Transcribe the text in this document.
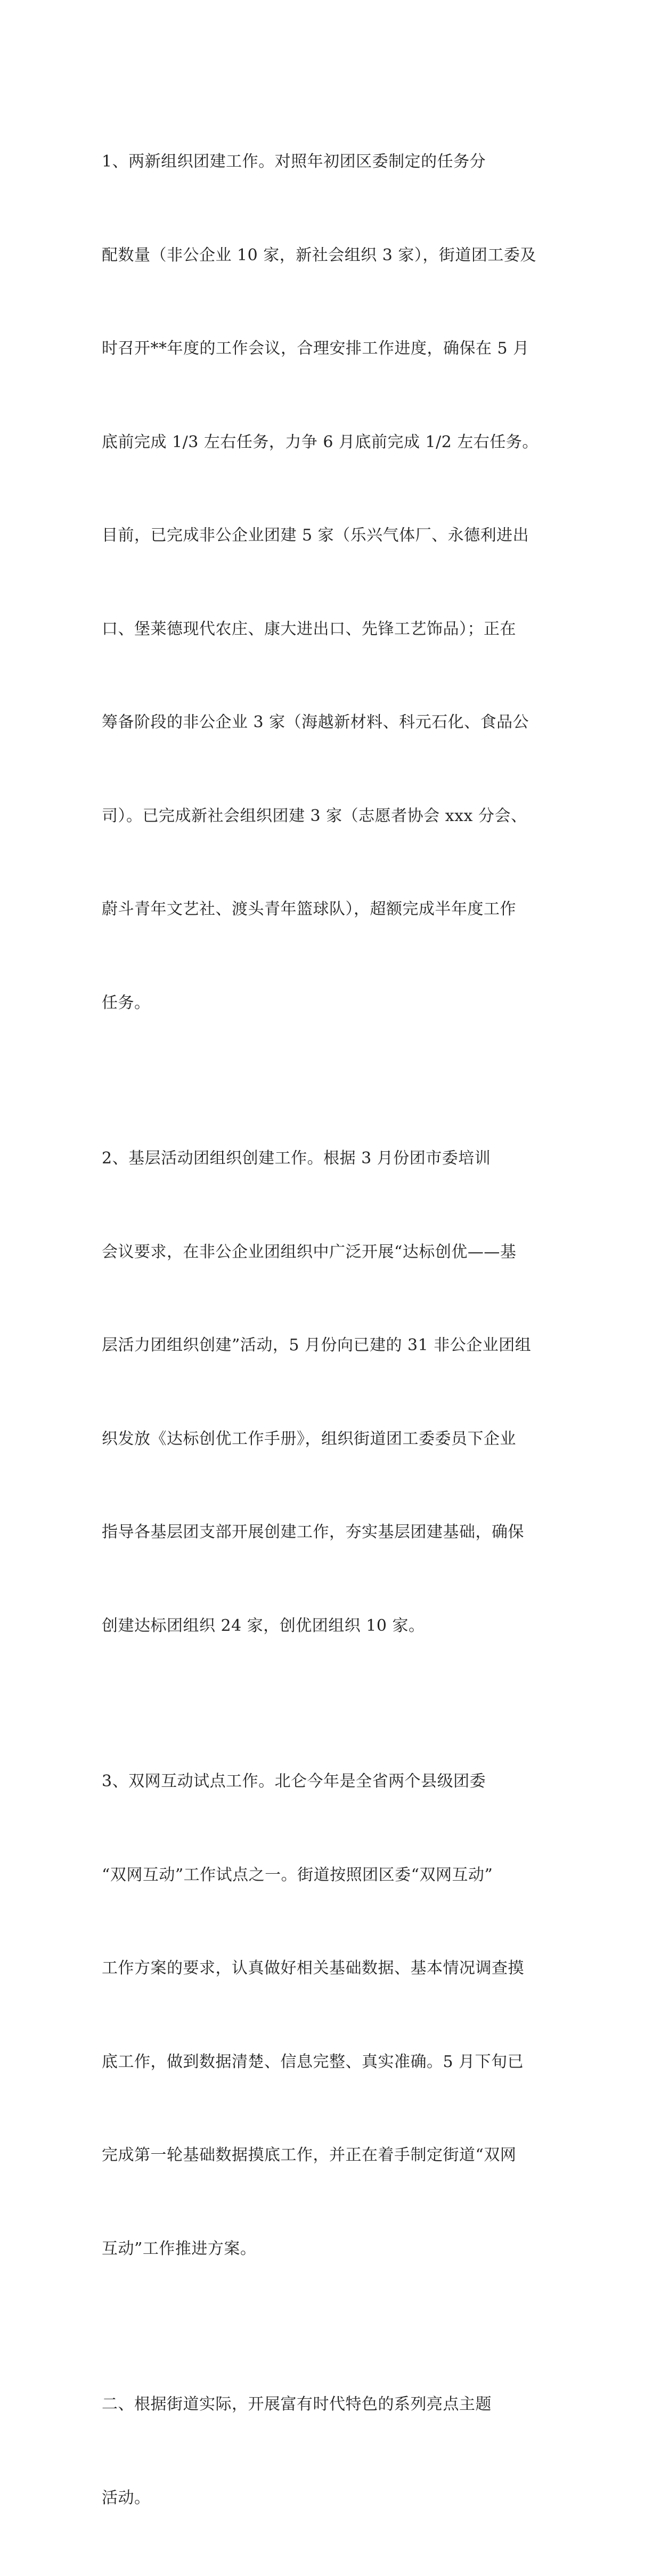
1、两新组织团建工作。对照年初团区委制定的任务分

配数量（非公企业 10 家，新社会组织 3 家），街道团工委及

时召开**年度的工作会议，合理安排工作进度，确保在 5 月

底前完成 1/3 左右任务，力争 6 月底前完成 1/2 左右任务。

目前，已完成非公企业团建 5 家（乐兴气体厂、永德利进出

口、堡莱德现代农庄、康大进出口、先锋工艺饰品）；正在

筹备阶段的非公企业 3 家（海越新材料、科元石化、食品公

司）。已完成新社会组织团建 3 家（志愿者协会 xxx 分会、

蔚斗青年文艺社、渡头青年篮球队），超额完成半年度工作

任务。

2、基层活动团组织创建工作。根据 3 月份团市委培训

会议要求，在非公企业团组织中广泛开展“达标创优——基

层活力团组织创建”活动，5 月份向已建的 31 非公企业团组

织发放《达标创优工作手册》，组织街道团工委委员下企业

指导各基层团支部开展创建工作，夯实基层团建基础，确保

创建达标团组织 24 家，创优团组织 10 家。

3、双网互动试点工作。北仑今年是全省两个县级团委

“双网互动”工作试点之一。街道按照团区委“双网互动”

工作方案的要求，认真做好相关基础数据、基本情况调查摸

底工作，做到数据清楚、信息完整、真实准确。5 月下旬已

完成第一轮基础数据摸底工作，并正在着手制定街道“双网

互动”工作推进方案。

二、根据街道实际，开展富有时代特色的系列亮点主题

活动。
